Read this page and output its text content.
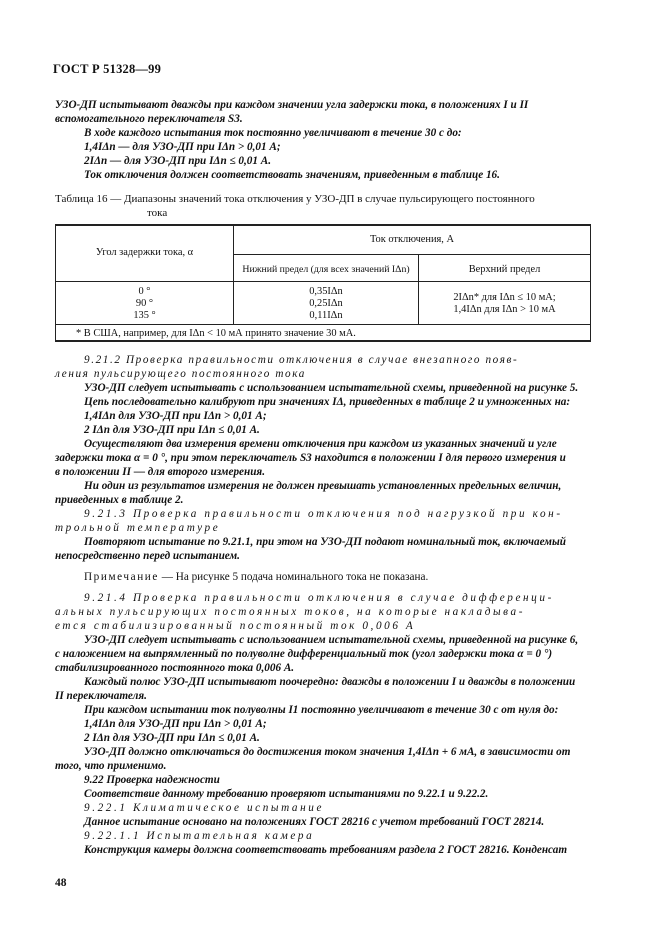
ГОСТ Р 51328—99
УЗО-ДП испытывают дважды при каждом значении угла задержки тока, в положениях I и II
вспомогательного переключателя S3.
В ходе каждого испытания ток постоянно увеличивают в течение 30 с до:
1,4IΔn — для УЗО-ДП при IΔn > 0,01 А;
2IΔn — для УЗО-ДП при IΔn ≤ 0,01 А.
Ток отключения должен соответствовать значениям, приведенным в таблице 16.
Таблица 16 — Диапазоны значений тока отключения у УЗО-ДП в случае пульсирующего постоянного
тока
Угол задержки тока, α
Ток отключения, А
Нижний предел (для всех значений IΔn)	Верхний предел
0 °
90 °
135 °
0,35IΔn
0,25IΔn
0,11IΔn
2IΔn* для IΔn ≤ 10 мА;
1,4IΔn для IΔn > 10 мА
* В США, например, для IΔn < 10 мА принято значение 30 мА.
9.21.2 Проверка правильности отключения в случае внезапного появ-
ления пульсирующего постоянного тока
УЗО-ДП следует испытывать с использованием испытательной схемы, приведенной на рисунке 5.
Цепь последовательно калибруют при значениях IΔ, приведенных в таблице 2 и умноженных на:
1,4IΔn для УЗО-ДП при IΔn > 0,01 А;
2 IΔn для УЗО-ДП при IΔn ≤ 0,01 А.
Осуществляют два измерения времени отключения при каждом из указанных значений и угле
задержки тока α = 0 °, при этом переключатель S3 находится в положении I для первого измерения и
в положении II — для второго измерения.
Ни один из результатов измерения не должен превышать установленных предельных величин,
приведенных в таблице 2.
9.21.3 Проверка правильности отключения под нагрузкой при кон-
трольной температуре
Повторяют испытание по 9.21.1, при этом на УЗО-ДП подают номинальный ток, включаемый
непосредственно перед испытанием.
Примечание — На рисунке 5 подача номинального тока не показана.
9.21.4 Проверка правильности отключения в случае дифференци-
альных пульсирующих постоянных токов, на которые накладыва-
ется стабилизированный постоянный ток 0,006 А
УЗО-ДП следует испытывать с использованием испытательной схемы, приведенной на рисунке 6,
с наложением на выпрямленный по полуволне дифференциальный ток (угол задержки тока α = 0 °)
стабилизированного постоянного тока 0,006 А.
Каждый полюс УЗО-ДП испытывают поочередно: дважды в положении I и дважды в положении
II переключателя.
При каждом испытании ток полуволны I1 постоянно увеличивают в течение 30 с от нуля до:
1,4IΔn для УЗО-ДП при IΔn > 0,01 А;
2 IΔn для УЗО-ДП при IΔn ≤ 0,01 А.
УЗО-ДП должно отключаться до достижения током значения 1,4IΔn + 6 мА, в зависимости от
того, что применимо.
9.22 Проверка надежности
Соответствие данному требованию проверяют испытаниями по 9.22.1 и 9.22.2.
9.22.1 Климатическое испытание
Данное испытание основано на положениях ГОСТ 28216 с учетом требований ГОСТ 28214.
9.22.1.1 Испытательная камера
Конструкция камеры должна соответствовать требованиям раздела 2 ГОСТ 28216. Конденсат
48
